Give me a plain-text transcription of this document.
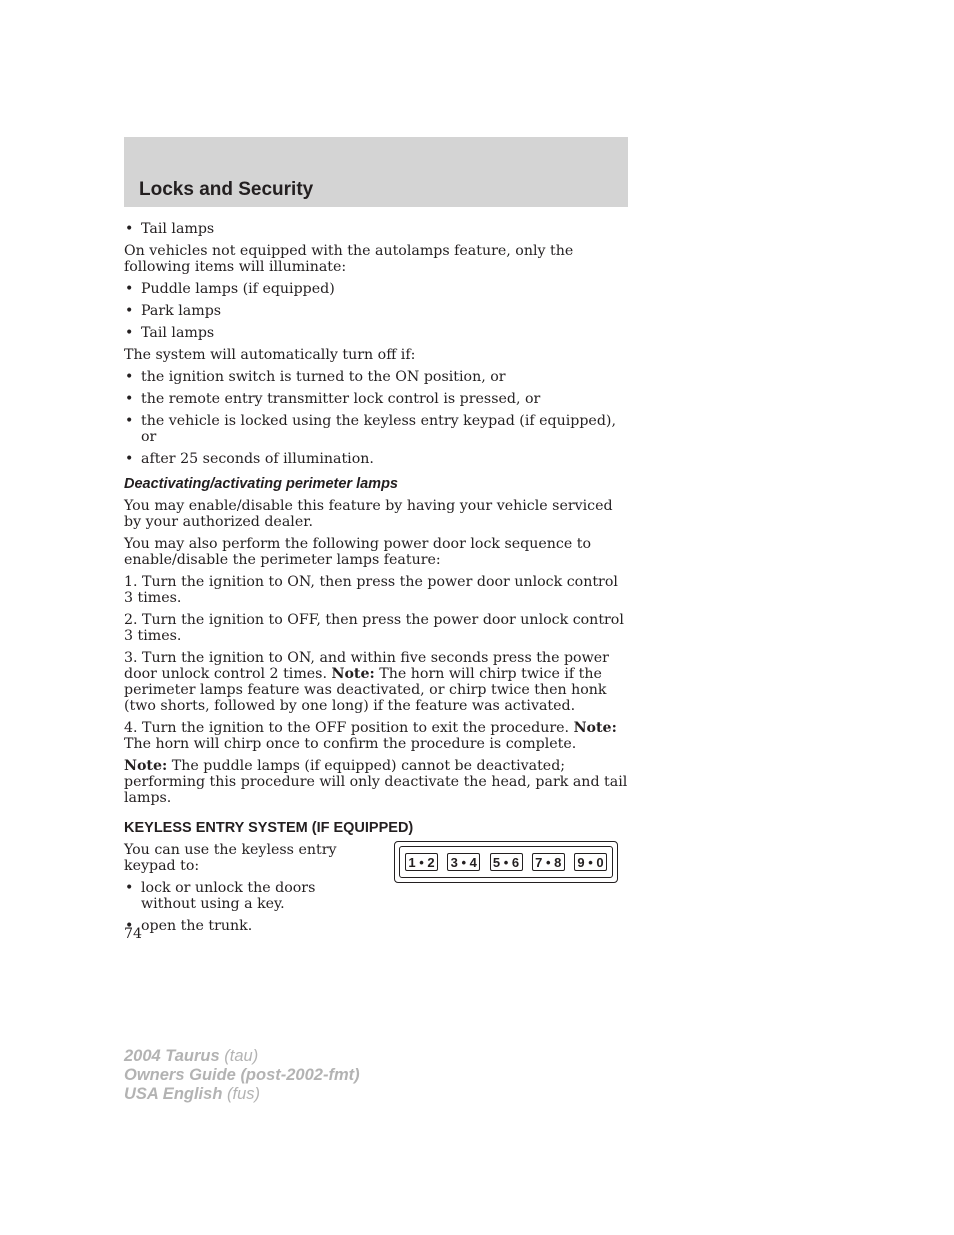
Locks and Security
• Tail lamps

On vehicles not equipped with the autolamps feature, only the following items will illuminate:

• Puddle lamps (if equipped)
• Park lamps
• Tail lamps

The system will automatically turn off if:

• the ignition switch is turned to the ON position, or
• the remote entry transmitter lock control is pressed, or
• the vehicle is locked using the keyless entry keypad (if equipped), or
• after 25 seconds of illumination.
Deactivating/activating perimeter lamps

You may enable/disable this feature by having your vehicle serviced by your authorized dealer.

You may also perform the following power door lock sequence to enable/disable the perimeter lamps feature:

1. Turn the ignition to ON, then press the power door unlock control 3 times.

2. Turn the ignition to OFF, then press the power door unlock control 3 times.

3. Turn the ignition to ON, and within five seconds press the power door unlock control 2 times. Note: The horn will chirp twice if the perimeter lamps feature was deactivated, or chirp twice then honk (two shorts, followed by one long) if the feature was activated.

4. Turn the ignition to the OFF position to exit the procedure. Note: The horn will chirp once to confirm the procedure is complete.

Note: The puddle lamps (if equipped) cannot be deactivated; performing this procedure will only deactivate the head, park and tail lamps.

KEYLESS ENTRY SYSTEM (IF EQUIPPED)

You can use the keyless entry keypad to:

• lock or unlock the doors without using a key.
• open the trunk.
1 • 2 3 • 4 5 • 6 7 • 8 9 • 0
74
2004 Taurus (tau)
Owners Guide (post-2002-fmt)
USA English (fus)
